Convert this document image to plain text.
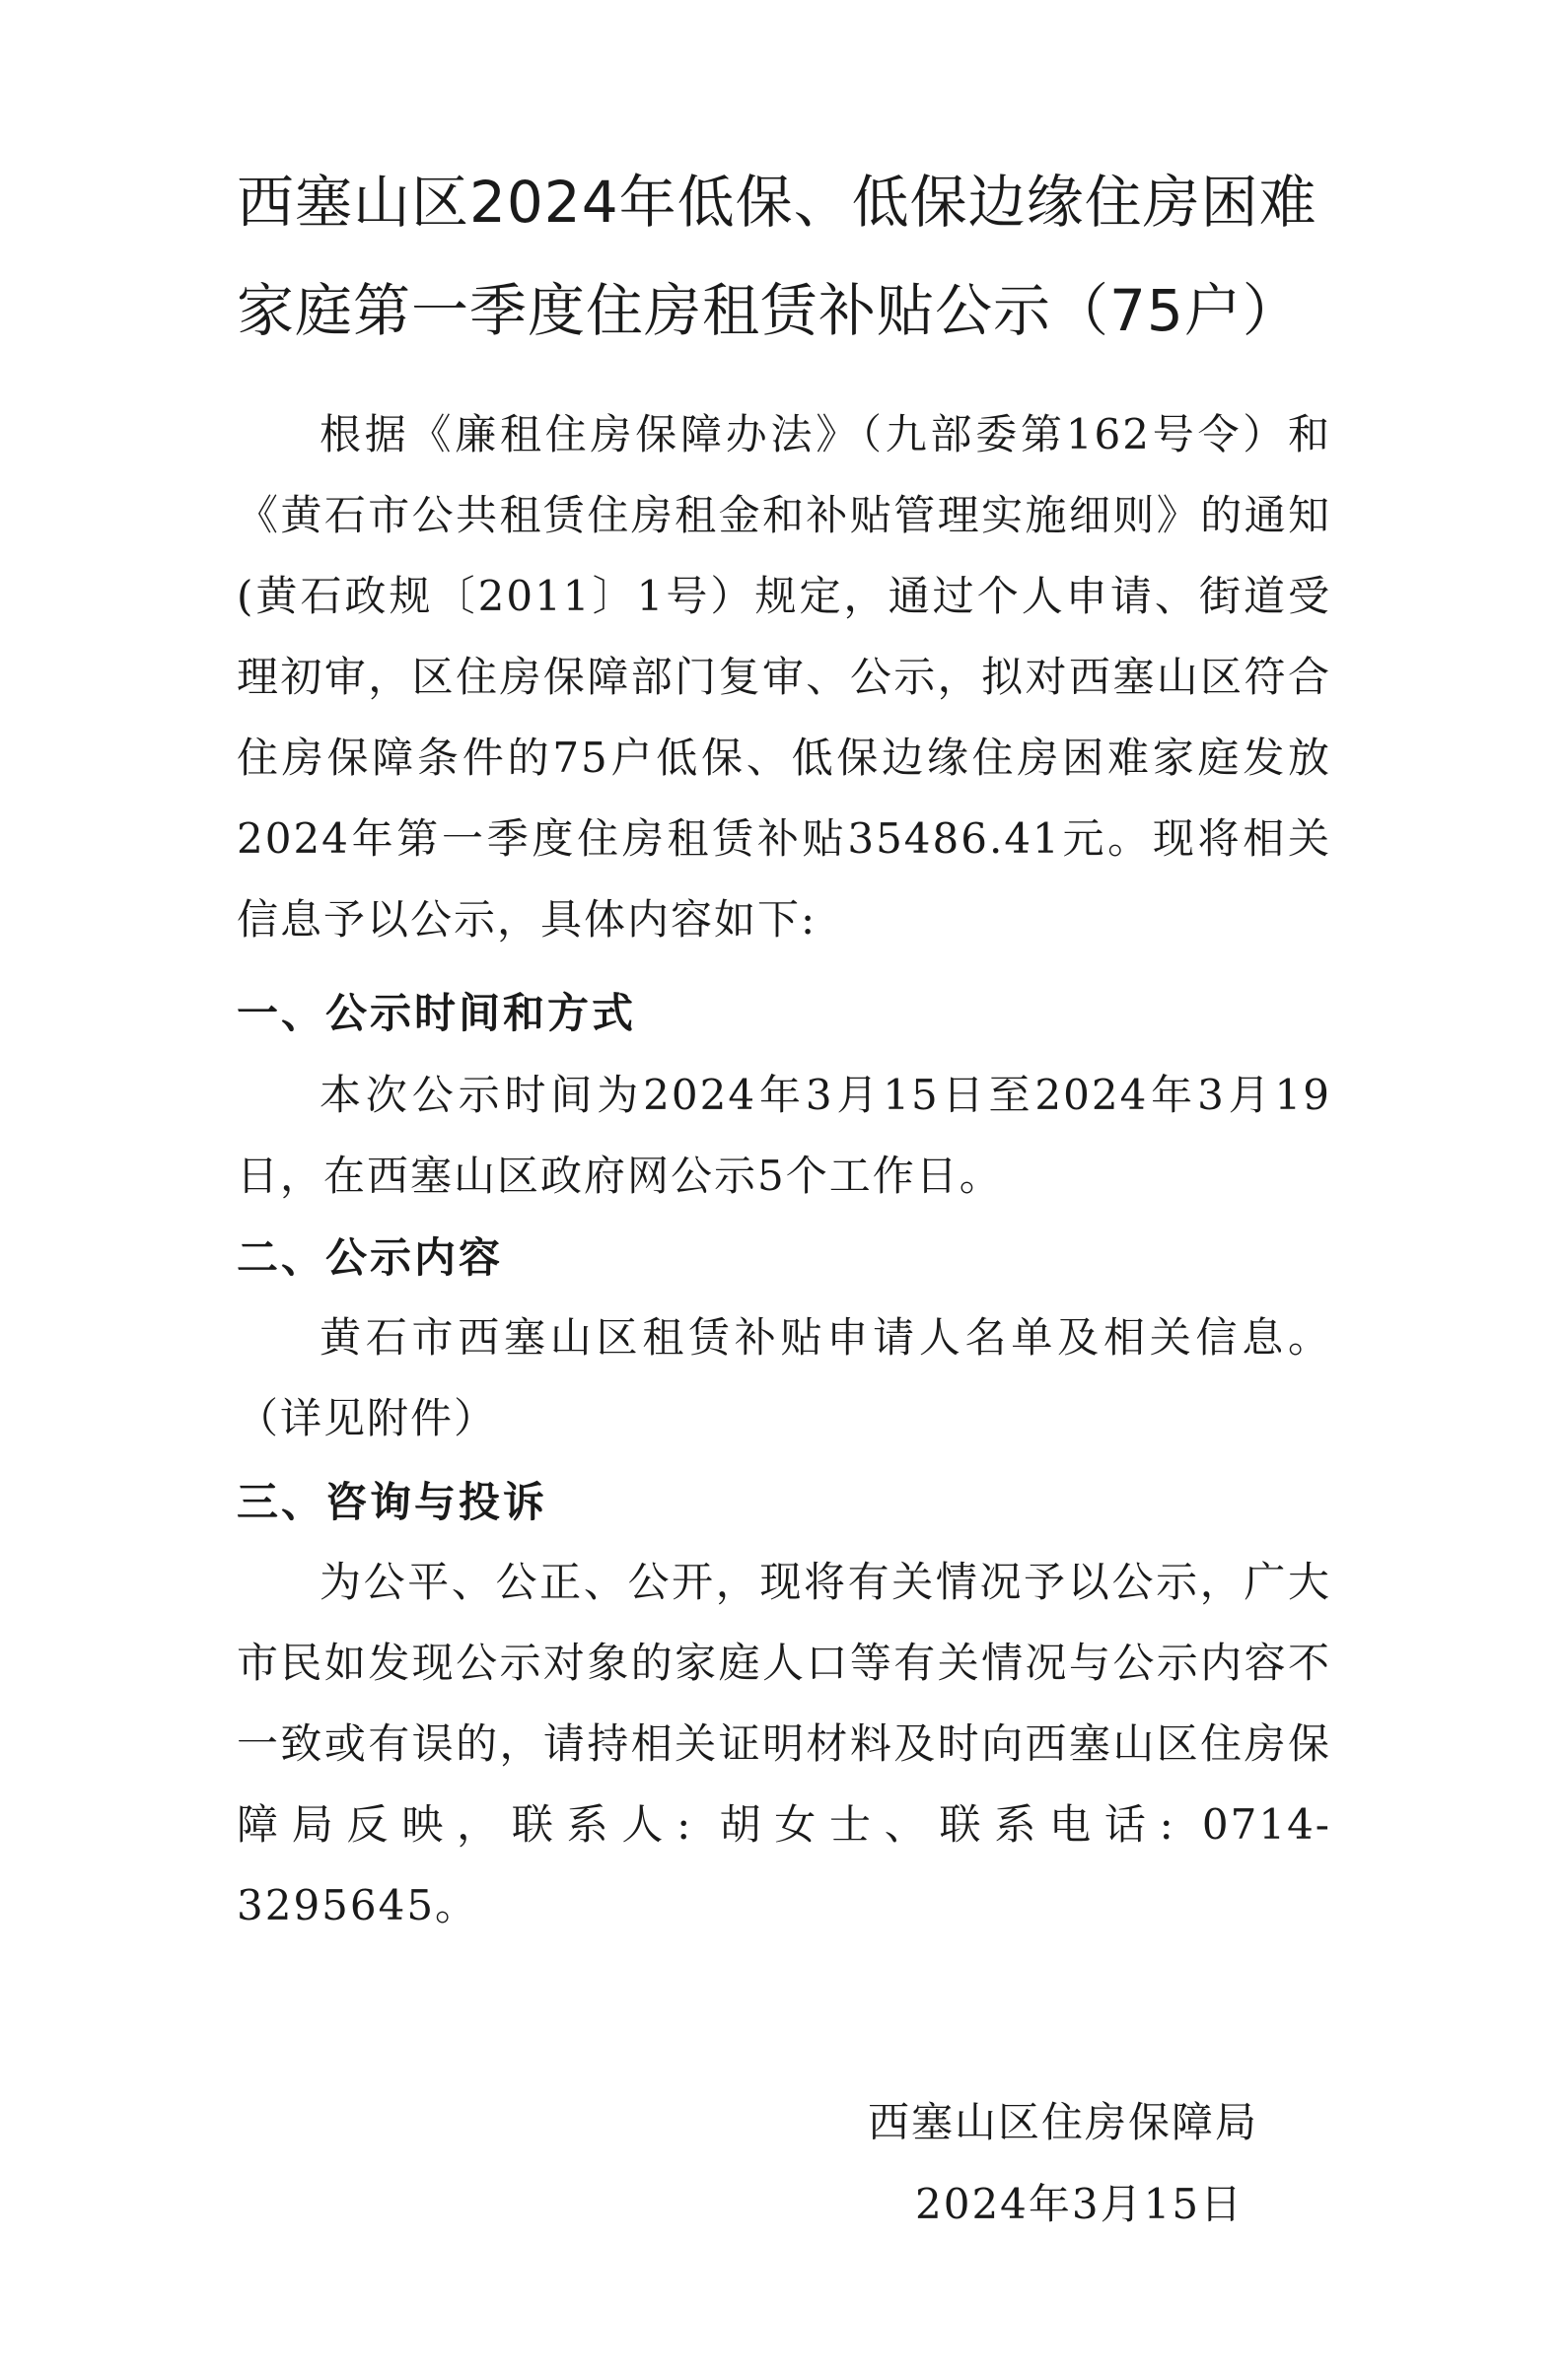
西塞山区2024年低保、低保边缘住房困难
家庭第一季度住房租赁补贴公示（75户）
根据《廉租住房保障办法》（九部委第162号令）和《黄石市公共租赁住房租金和补贴管理实施细则》的通知(黄石政规〔2011〕1号）规定，通过个人申请、街道受理初审，区住房保障部门复审、公示，拟对西塞山区符合住房保障条件的75户低保、低保边缘住房困难家庭发放2024年第一季度住房租赁补贴35486.41元。现将相关信息予以公示，具体内容如下:
一、公示时间和方式
本次公示时间为2024年3月15日至2024年3月19日，在西塞山区政府网公示5个工作日。
二、公示内容
黄石市西塞山区租赁补贴申请人名单及相关信息。（详见附件）
三、咨询与投诉
为公平、公正、公开，现将有关情况予以公示，广大市民如发现公示对象的家庭人口等有关情况与公示内容不一致或有误的，请持相关证明材料及时向西塞山区住房保障局反映，联系人: 胡女士、联系电话: 0714-3295645。
西塞山区住房保障局
2024年3月15日
